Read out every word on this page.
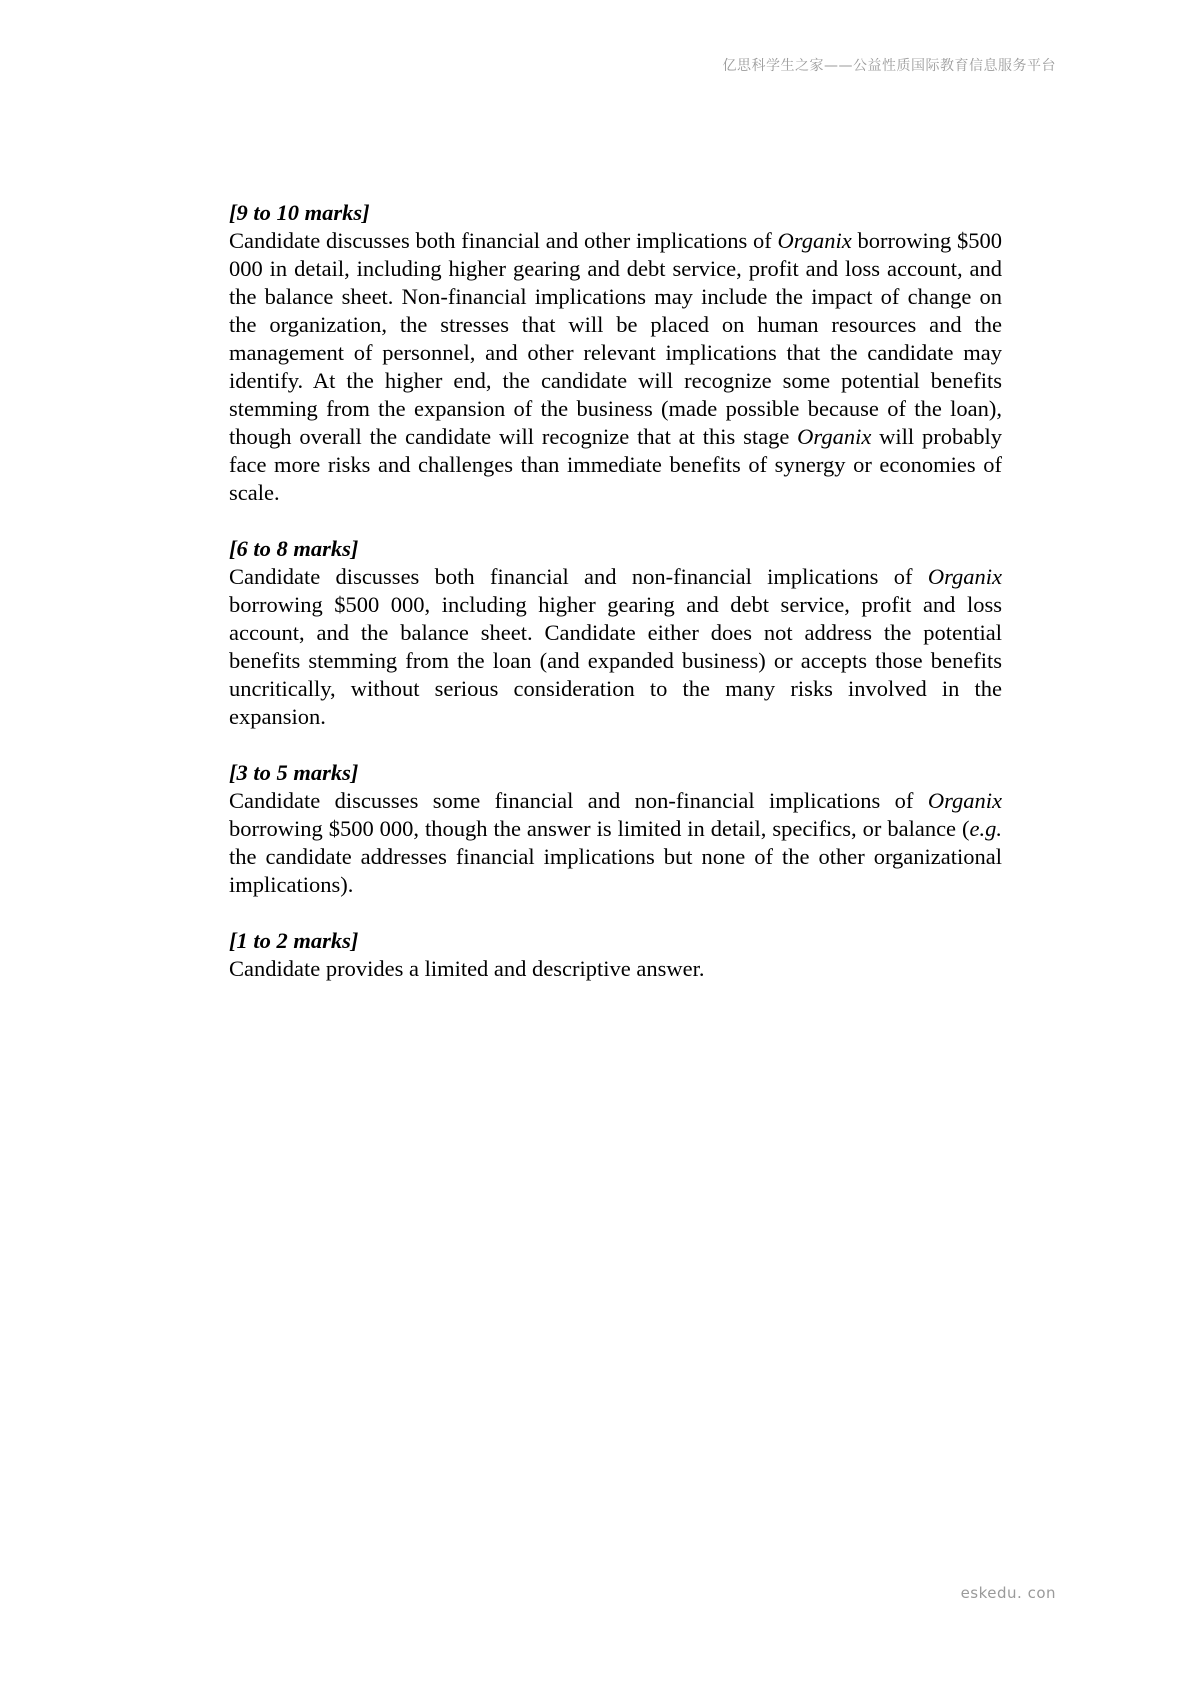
亿思科学生之家——公益性质国际教育信息服务平台

[9 to 10 marks]

Candidate discusses both financial and other implications of Organix borrowing $500 000 in detail, including higher gearing and debt service, profit and loss account, and the balance sheet. Non-financial implications may include the impact of change on the organization, the stresses that will be placed on human resources and the management of personnel, and other relevant implications that the candidate may identify. At the higher end, the candidate will recognize some potential benefits stemming from the expansion of the business (made possible because of the loan), though overall the candidate will recognize that at this stage Organix will probably face more risks and challenges than immediate benefits of synergy or economies of scale.

[6 to 8 marks]

Candidate discusses both financial and non-financial implications of Organix borrowing $500 000, including higher gearing and debt service, profit and loss account, and the balance sheet. Candidate either does not address the potential benefits stemming from the loan (and expanded business) or accepts those benefits uncritically, without serious consideration to the many risks involved in the expansion.

[3 to 5 marks]

Candidate discusses some financial and non-financial implications of Organix borrowing $500 000, though the answer is limited in detail, specifics, or balance (e.g. the candidate addresses financial implications but none of the other organizational implications).

[1 to 2 marks]

Candidate provides a limited and descriptive answer.

eskedu. con
